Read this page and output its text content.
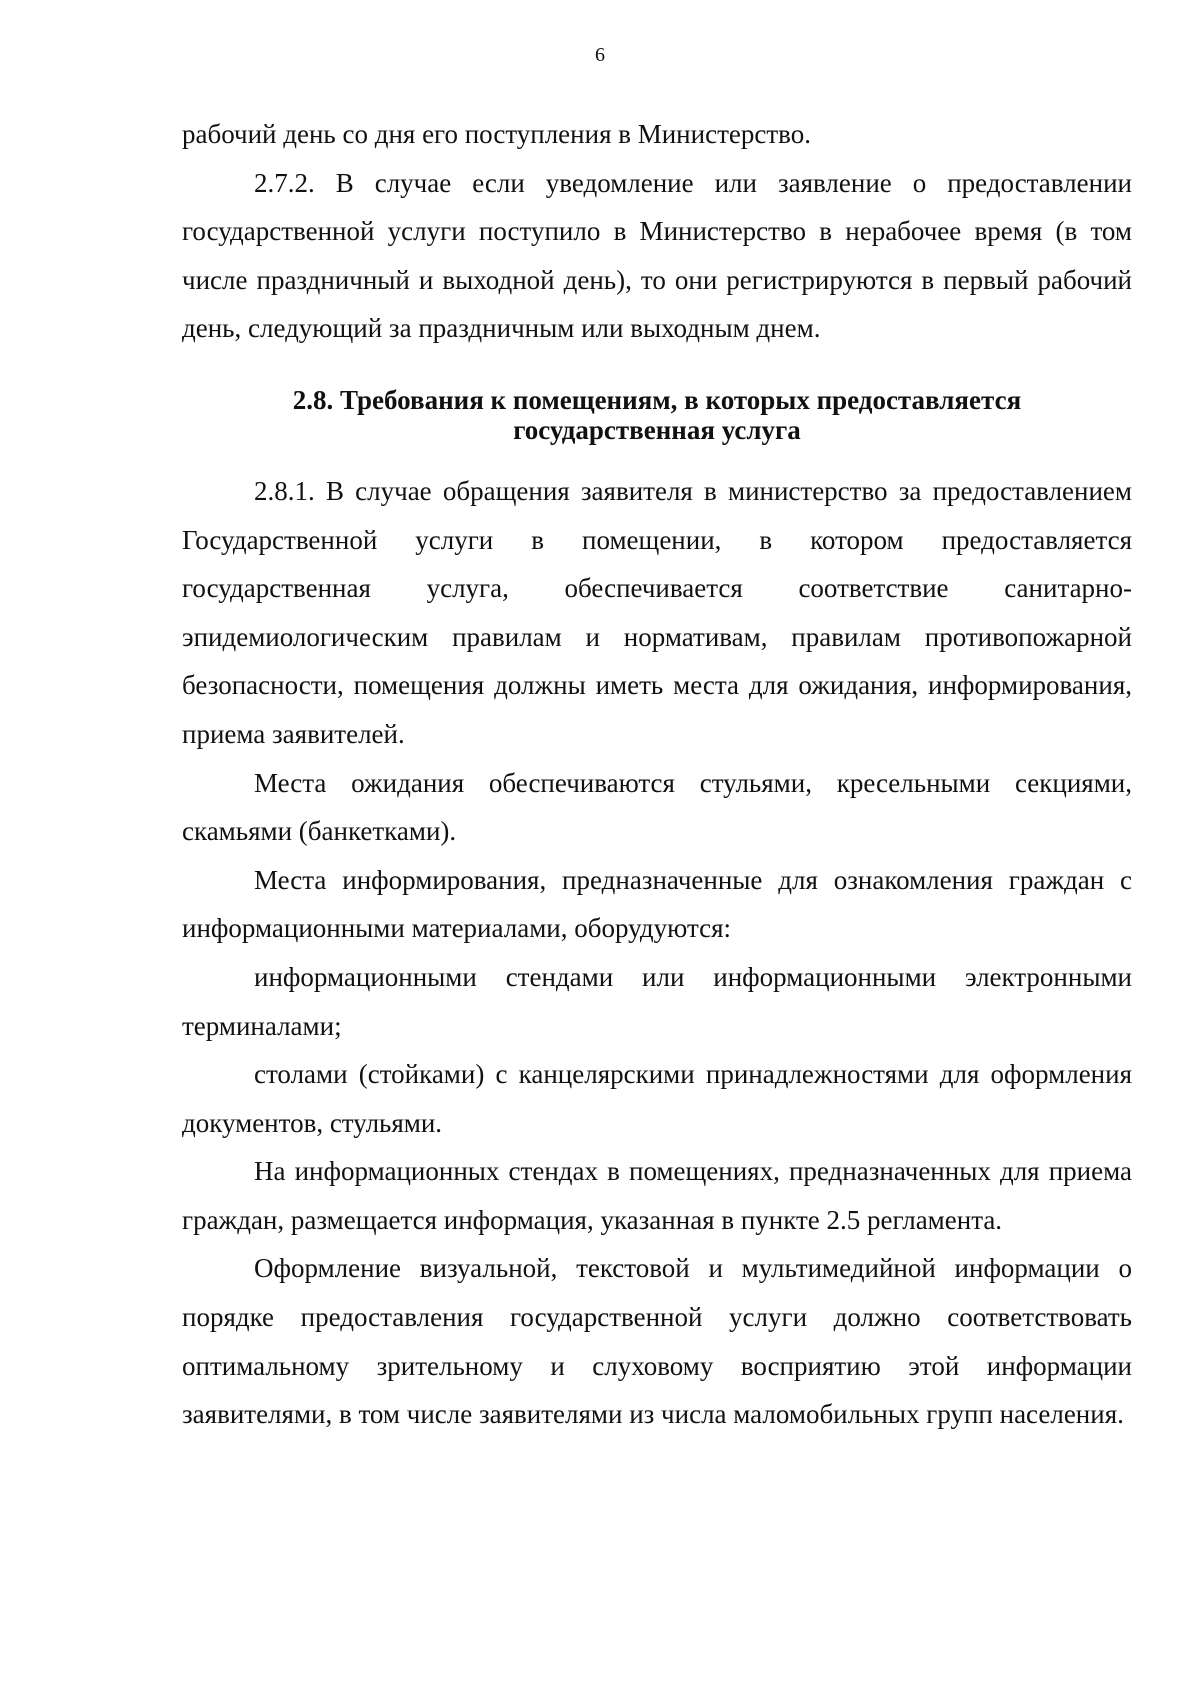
6

рабочий день со дня его поступления в Министерство.

2.7.2. В случае если уведомление или заявление о предоставлении государственной услуги поступило в Министерство в нерабочее время (в том числе праздничный и выходной день), то они регистрируются в первый рабочий день, следующий за праздничным или выходным днем.

2.8. Требования к помещениям, в которых предоставляется
государственная услуга

2.8.1. В случае обращения заявителя в министерство за предоставлением Государственной услуги в помещении, в котором предоставляется государственная услуга, обеспечивается соответствие санитарно-эпидемиологическим правилам и нормативам, правилам противопожарной безопасности, помещения должны иметь места для ожидания, информирования, приема заявителей.

Места ожидания обеспечиваются стульями, кресельными секциями, скамьями (банкетками).

Места информирования, предназначенные для ознакомления граждан с информационными материалами, оборудуются:

информационными стендами или информационными электронными терминалами;

столами (стойками) с канцелярскими принадлежностями для оформления документов, стульями.

На информационных стендах в помещениях, предназначенных для приема граждан, размещается информация, указанная в пункте 2.5 регламента.

Оформление визуальной, текстовой и мультимедийной информации о порядке предоставления государственной услуги должно соответствовать оптимальному зрительному и слуховому восприятию этой информации заявителями, в том числе заявителями из числа маломобильных групп населения.
